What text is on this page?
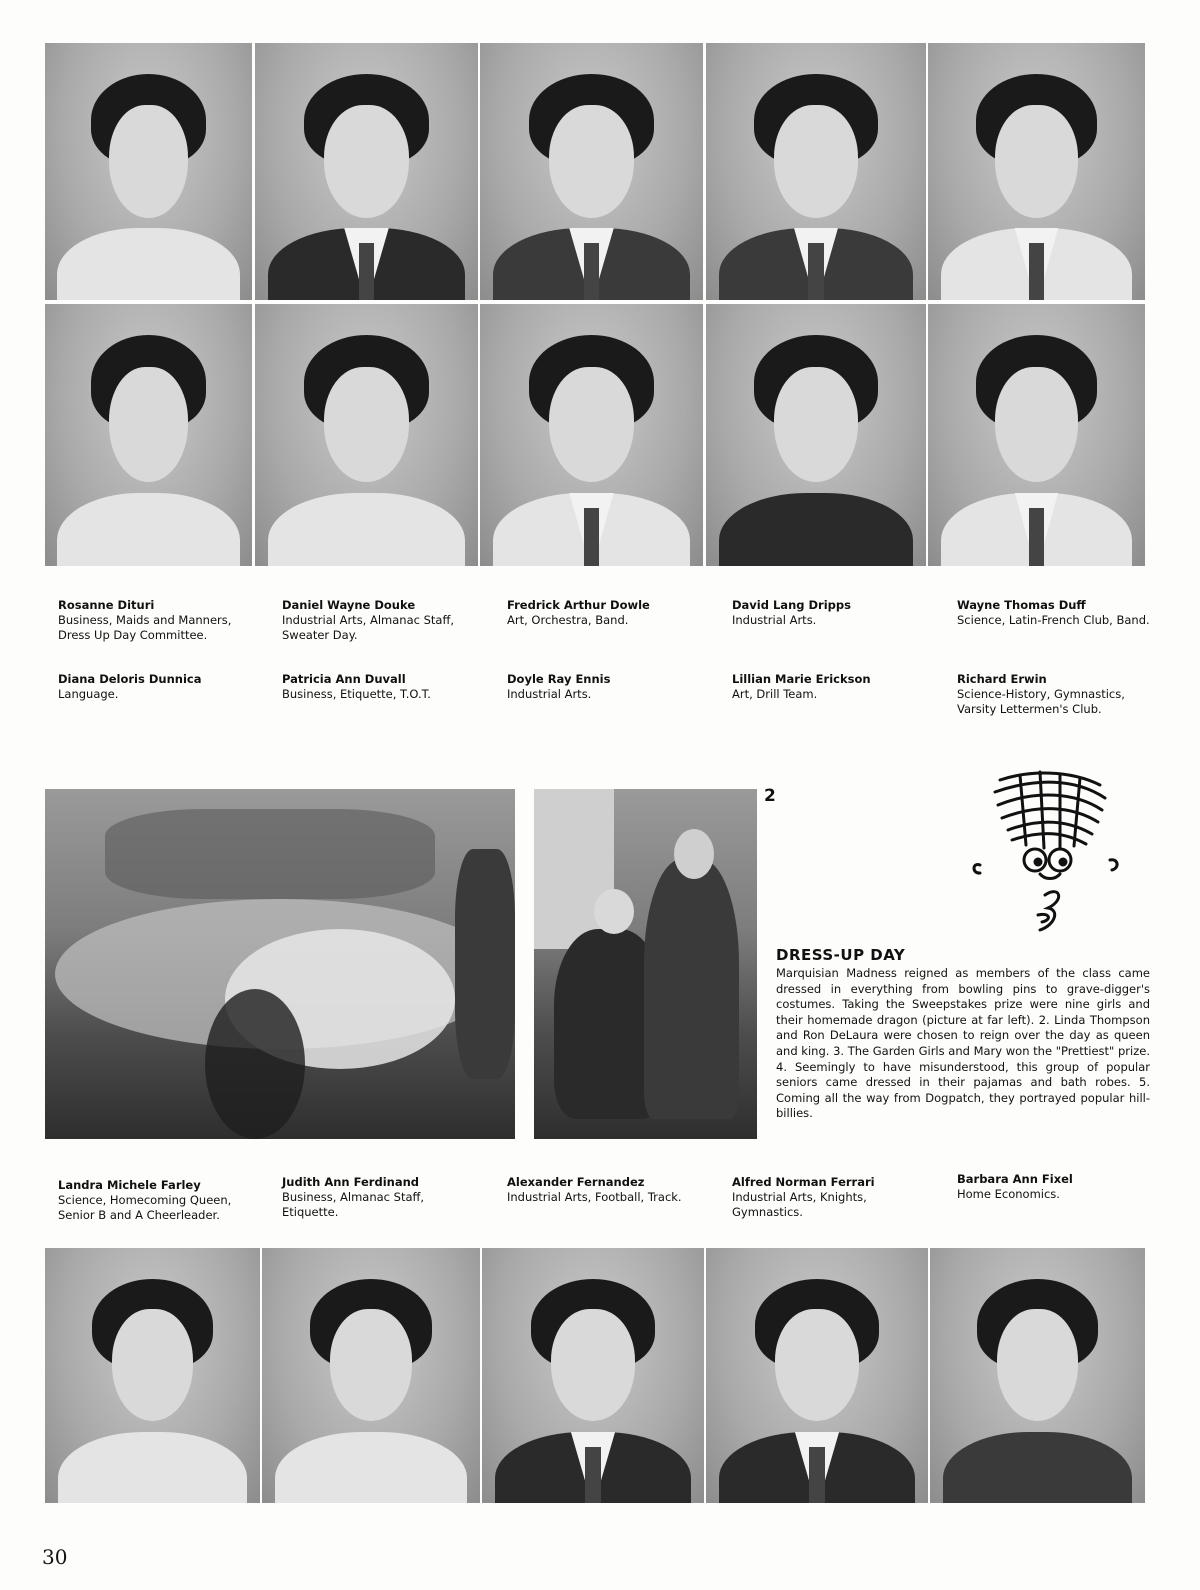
Rosanne Dituri
Business, Maids and Manners, Dress Up Day Committee.
Daniel Wayne Douke
Industrial Arts, Almanac Staff, Sweater Day.
Fredrick Arthur Dowle
Art, Orchestra, Band.
David Lang Dripps
Industrial Arts.
Wayne Thomas Duff
Science, Latin-French Club, Band.
Diana Deloris Dunnica
Language.
Patricia Ann Duvall
Business, Etiquette, T.O.T.
Doyle Ray Ennis
Industrial Arts.
Lillian Marie Erickson
Art, Drill Team.
Richard Erwin
Science-History, Gymnastics, Varsity Lettermen's Club.
2
DRESS-UP DAY
Marquisian Madness reigned as members of the class came dressed in everything from bowling pins to grave-digger's costumes. Taking the Sweepstakes prize were nine girls and their homemade dragon (picture at far left). 2. Linda Thompson and Ron DeLaura were chosen to reign over the day as queen and king. 3. The Garden Girls and Mary won the "Prettiest" prize. 4. Seemingly to have misunderstood, this group of popular seniors came dressed in their pajamas and bath robes. 5. Coming all the way from Dogpatch, they portrayed popular hill-billies.
Landra Michele Farley
Science, Homecoming Queen, Senior B and A Cheerleader.
Judith Ann Ferdinand
Business, Almanac Staff, Etiquette.
Alexander Fernandez
Industrial Arts, Football, Track.
Alfred Norman Ferrari
Industrial Arts, Knights, Gymnastics.
Barbara Ann Fixel
Home Economics.
30
